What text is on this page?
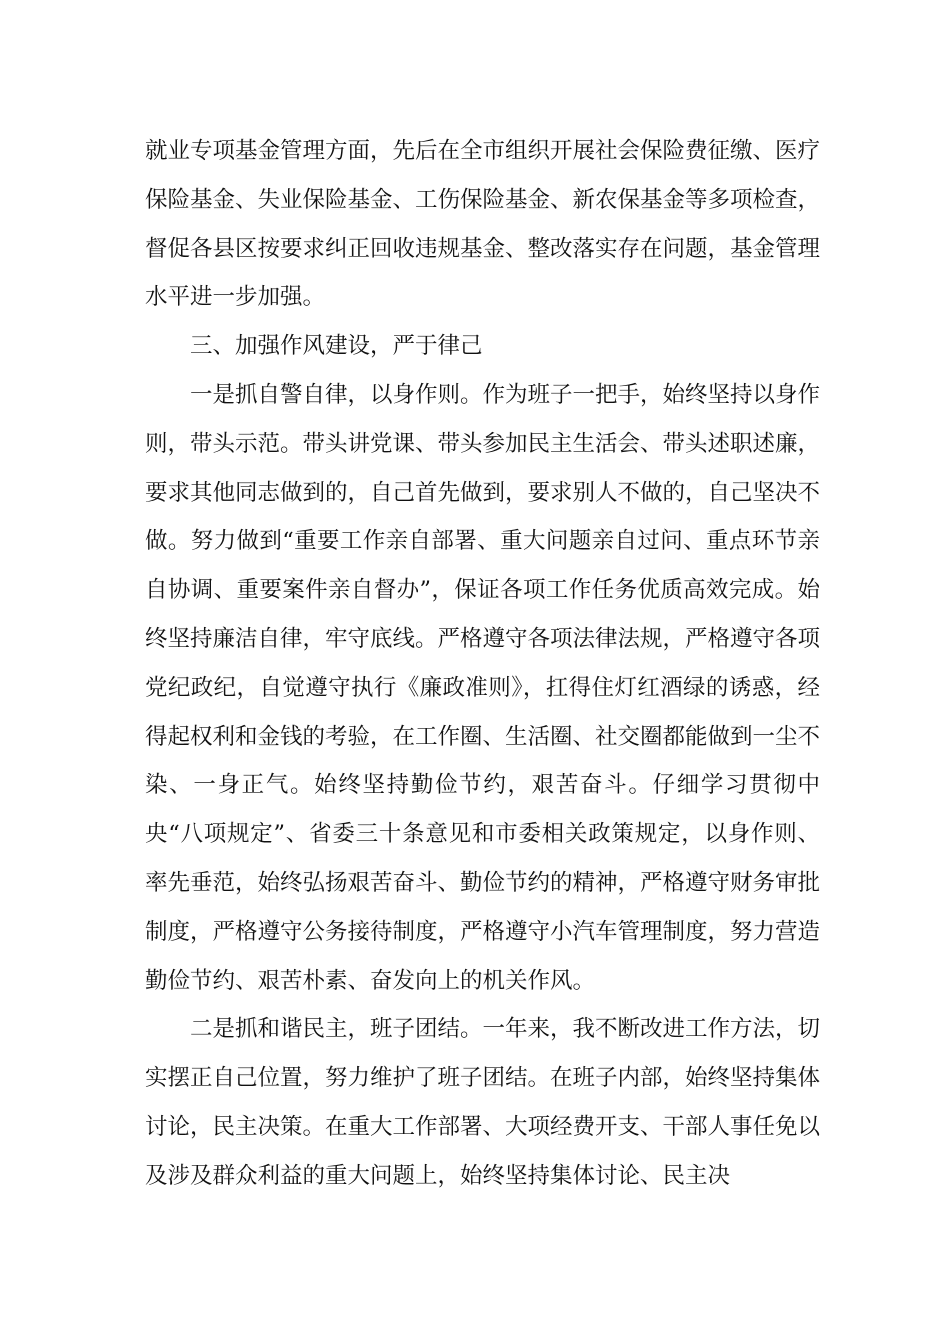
就业专项基金管理方面，先后在全市组织开展社会保险费征缴、医疗保险基金、失业保险基金、工伤保险基金、新农保基金等多项检查，督促各县区按要求纠正回收违规基金、整改落实存在问题，基金管理水平进一步加强。

三、加强作风建设，严于律己

一是抓自警自律，以身作则。作为班子一把手，始终坚持以身作则，带头示范。带头讲党课、带头参加民主生活会、带头述职述廉，要求其他同志做到的，自己首先做到，要求别人不做的，自己坚决不做。努力做到“重要工作亲自部署、重大问题亲自过问、重点环节亲自协调、重要案件亲自督办”，保证各项工作任务优质高效完成。始终坚持廉洁自律，牢守底线。严格遵守各项法律法规，严格遵守各项党纪政纪，自觉遵守执行《廉政准则》，扛得住灯红酒绿的诱惑，经得起权利和金钱的考验，在工作圈、生活圈、社交圈都能做到一尘不染、一身正气。始终坚持勤俭节约，艰苦奋斗。仔细学习贯彻中央“八项规定”、省委三十条意见和市委相关政策规定，以身作则、率先垂范，始终弘扬艰苦奋斗、勤俭节约的精神，严格遵守财务审批制度，严格遵守公务接待制度，严格遵守小汽车管理制度，努力营造勤俭节约、艰苦朴素、奋发向上的机关作风。

二是抓和谐民主，班子团结。一年来，我不断改进工作方法，切实摆正自己位置，努力维护了班子团结。在班子内部，始终坚持集体讨论，民主决策。在重大工作部署、大项经费开支、干部人事任免以及涉及群众利益的重大问题上，始终坚持集体讨论、民主决
